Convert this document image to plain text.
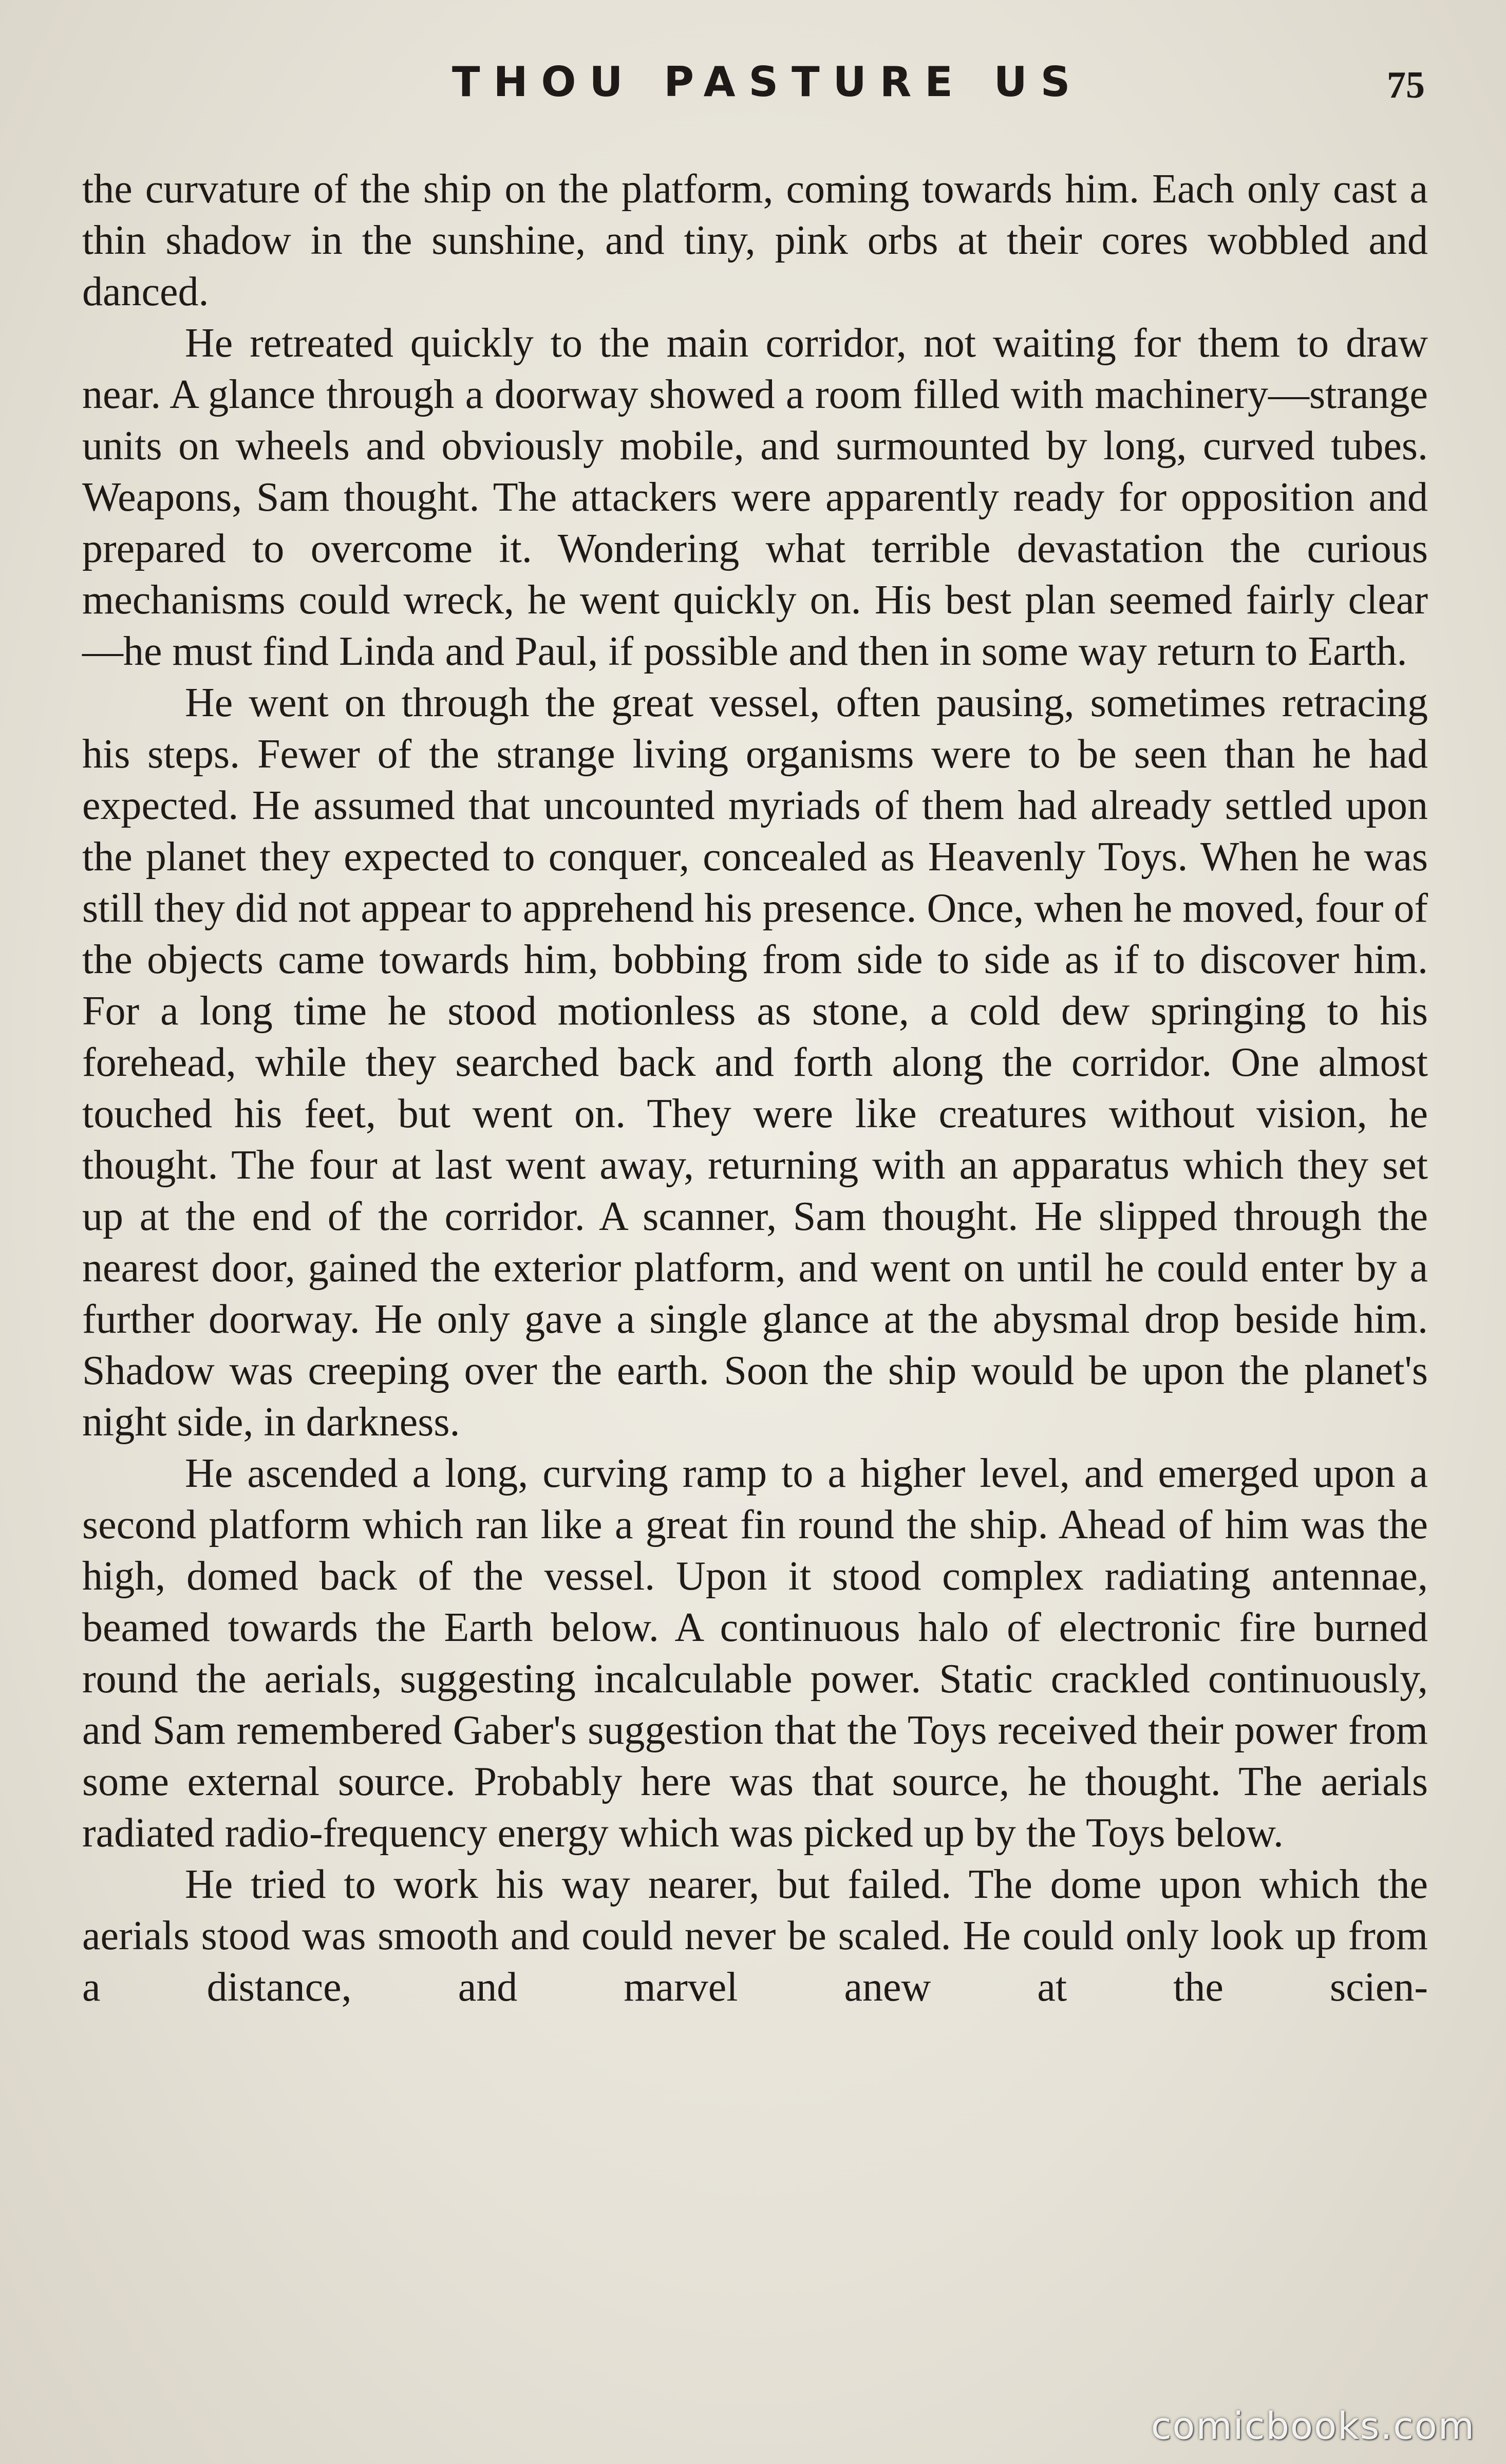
THOU PASTURE US	75

the curvature of the ship on the platform, coming towards him. Each only cast a thin shadow in the sunshine, and tiny, pink orbs at their cores wobbled and danced.

He retreated quickly to the main corridor, not waiting for them to draw near. A glance through a doorway showed a room filled with machinery—strange units on wheels and obviously mobile, and surmounted by long, curved tubes. Weapons, Sam thought. The attackers were apparently ready for opposition and prepared to overcome it. Wondering what terrible devastation the curious mechanisms could wreck, he went quickly on. His best plan seemed fairly clear—he must find Linda and Paul, if possible and then in some way return to Earth.

He went on through the great vessel, often pausing, sometimes retracing his steps. Fewer of the strange living organisms were to be seen than he had expected. He assumed that uncounted myriads of them had already settled upon the planet they expected to conquer, concealed as Heavenly Toys. When he was still they did not appear to apprehend his presence. Once, when he moved, four of the objects came towards him, bobbing from side to side as if to discover him. For a long time he stood motionless as stone, a cold dew springing to his forehead, while they searched back and forth along the corridor. One almost touched his feet, but went on. They were like creatures without vision, he thought. The four at last went away, returning with an apparatus which they set up at the end of the corridor. A scanner, Sam thought. He slipped through the nearest door, gained the exterior platform, and went on until he could enter by a further doorway. He only gave a single glance at the abysmal drop beside him. Shadow was creeping over the earth. Soon the ship would be upon the planet's night side, in darkness.

He ascended a long, curving ramp to a higher level, and emerged upon a second platform which ran like a great fin round the ship. Ahead of him was the high, domed back of the vessel. Upon it stood complex radiating antennae, beamed towards the Earth below. A continuous halo of electronic fire burned round the aerials, suggesting incalculable power. Static crackled continuously, and Sam remembered Gaber's suggestion that the Toys received their power from some external source. Probably here was that source, he thought. The aerials radiated radio-frequency energy which was picked up by the Toys below.

He tried to work his way nearer, but failed. The dome upon which the aerials stood was smooth and could never be scaled. He could only look up from a distance, and marvel anew at the scien-

comicbooks.com
